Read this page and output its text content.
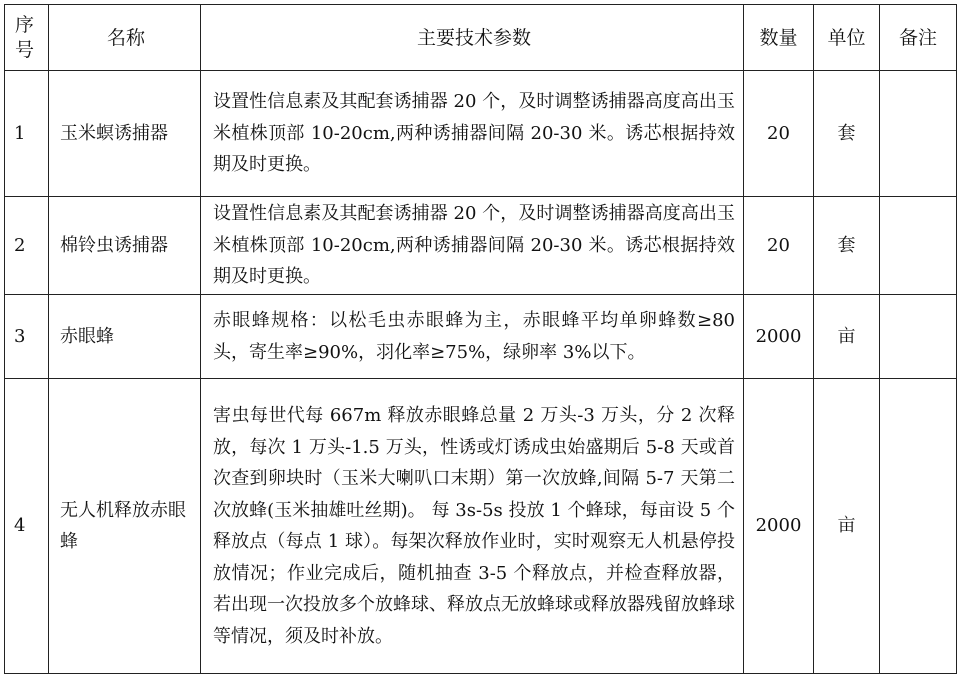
序号	名称	主要技术参数	数量	单位	备注
1	玉米螟诱捕器	设置性信息素及其配套诱捕器 20 个，及时调整诱捕器高度高出玉米植株顶部 10-20cm,两种诱捕器间隔 20-30 米。诱芯根据持效期及时更换。	20	套	
2	棉铃虫诱捕器	设置性信息素及其配套诱捕器 20 个，及时调整诱捕器高度高出玉米植株顶部 10-20cm,两种诱捕器间隔 20-30 米。诱芯根据持效期及时更换。	20	套	
3	赤眼蜂	赤眼蜂规格：以松毛虫赤眼蜂为主，赤眼蜂平均单卵蜂数≥80 头，寄生率≥90%，羽化率≥75%，绿卵率 3%以下。	2000	亩	
4	无人机释放赤眼蜂	害虫每世代每 667m 释放赤眼蜂总量 2 万头-3 万头，分 2 次释放，每次 1 万头-1.5 万头，性诱或灯诱成虫始盛期后 5-8 天或首次查到卵块时（玉米大喇叭口末期）第一次放蜂,间隔 5-7 天第二次放蜂(玉米抽雄吐丝期)。 每 3s-5s 投放 1 个蜂球，每亩设 5 个释放点（每点 1 球）。每架次释放作业时，实时观察无人机悬停投放情况；作业完成后，随机抽查 3-5 个释放点，并检查释放器，若出现一次投放多个放蜂球、释放点无放蜂球或释放器残留放蜂球等情况，须及时补放。	2000	亩	
